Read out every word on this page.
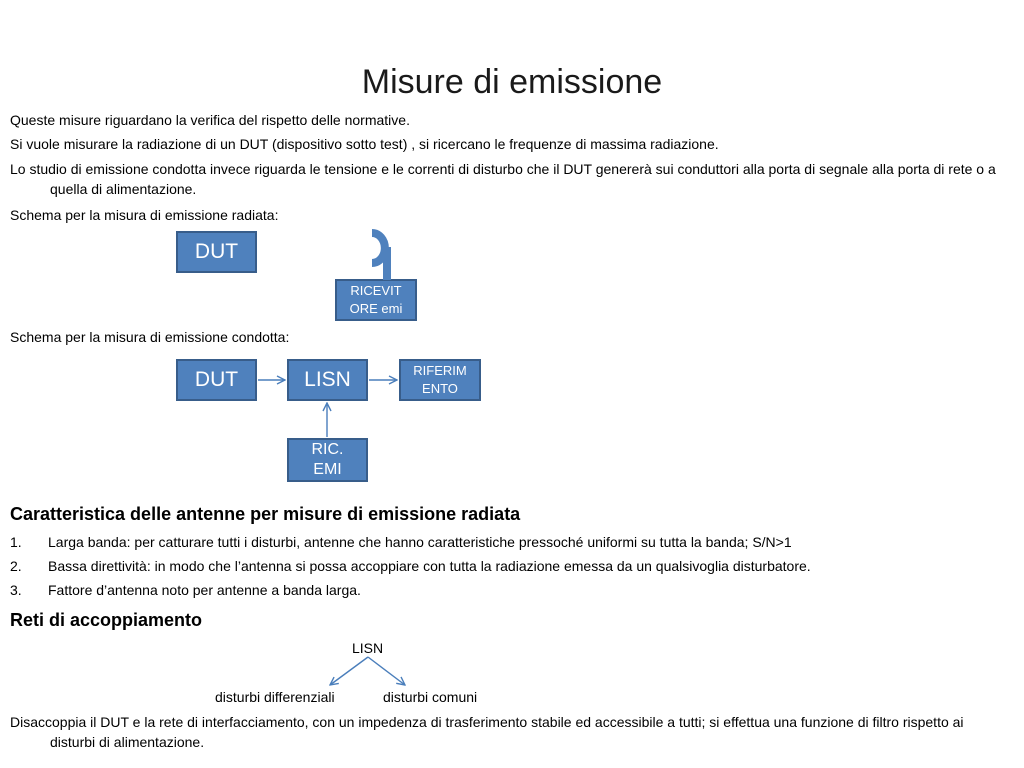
Misure di emissione
Queste misure riguardano la verifica del rispetto delle normative.
Si vuole misurare la radiazione di un DUT (dispositivo sotto test) , si ricercano le frequenze di massima radiazione.
Lo studio di emissione condotta invece riguarda le tensione e le correnti di disturbo che il DUT genererà sui conduttori alla porta di segnale alla porta di rete o a quella di alimentazione.
Schema per la misura di emissione radiata:
DUT
RICEVIT ORE emi
Schema per la misura di emissione condotta:
DUT	LISN	RIFERIM ENTO
RIC. EMI
Caratteristica delle antenne per misure di emissione radiata
1.	Larga banda: per catturare tutti i disturbi, antenne che hanno caratteristiche pressoché uniformi su tutta la banda; S/N>1
2.	Bassa direttività: in modo che l’antenna si possa accoppiare con tutta la radiazione emessa da un qualsivoglia disturbatore.
3.	Fattore d’antenna noto per antenne a banda larga.
Reti di accoppiamento
LISN
disturbi differenziali	disturbi comuni
Disaccoppia il DUT e la rete di interfacciamento, con un impedenza di trasferimento stabile ed accessibile a tutti; si effettua una funzione di filtro rispetto ai disturbi di alimentazione.
